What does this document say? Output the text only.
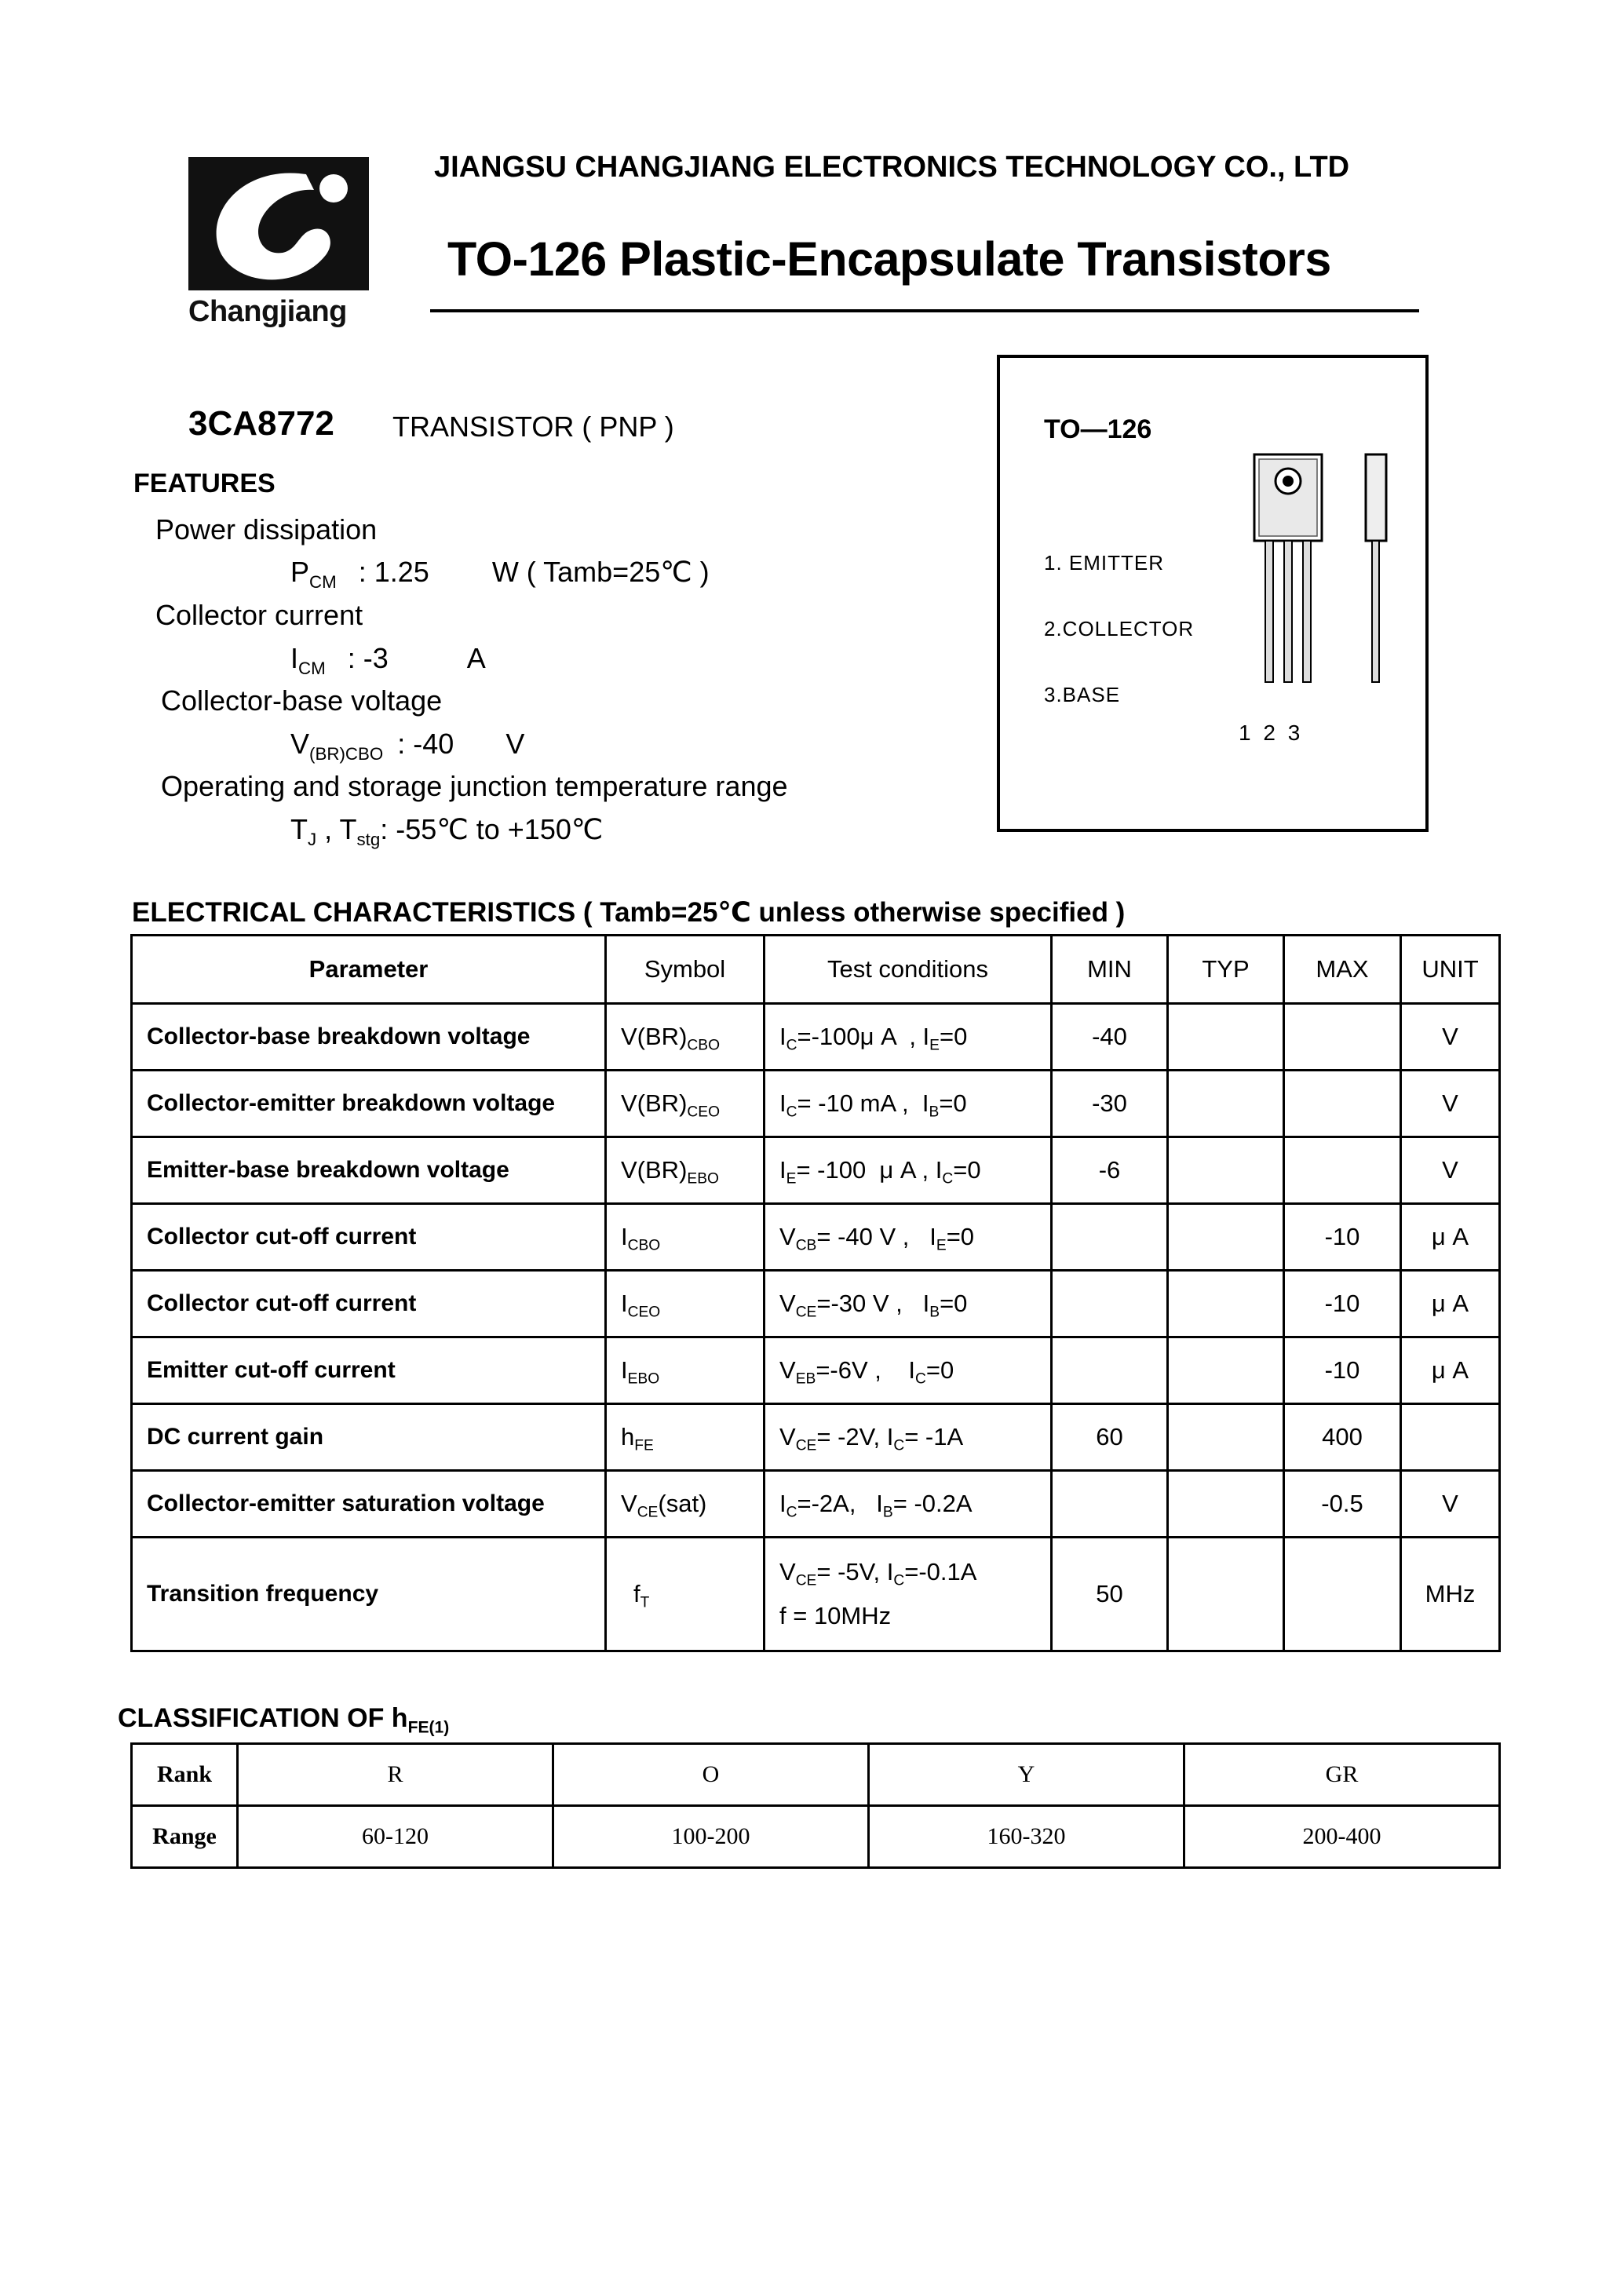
Changjiang
JIANGSU CHANGJIANG ELECTRONICS TECHNOLOGY CO., LTD
TO-126 Plastic-Encapsulate Transistors
3CA8772 TRANSISTOR ( PNP )
FEATURES
Power dissipation
$P_{CM}$ : 1.25 W ( Tamb=25℃ )
Collector current
$I_{CM}$ : -3	A
Collector-base voltage
$V_{(BR)CBO}$ : -40 V
Operating and storage junction temperature range
$T_J$ , $T_{stg}$: -55℃ to +150℃
TO—126
1. EMITTER
2.COLLECTOR
3.BASE
1 2 3
ELECTRICAL CHARACTERISTICS ( Tamb=25℃ unless otherwise specified )
Parameter	Symbol	Test conditions	MIN	TYP	MAX	UNIT
Collector-base breakdown voltage	$V(BR)_{CBO}$	$I_C=-100\mu$ A  , $I_E=0$	-40			V
Collector-emitter breakdown voltage	$V(BR)_{CEO}$	$I_C= -10$ mA ,  $I_B=0$	-30			V
Emitter-base breakdown voltage	$V(BR)_{EBO}$	$I_E= -100$  μ A , $I_C=0$	-6			V
Collector cut-off current	$I_{CBO}$	$V_{CB}= -40$ V ,   $I_E=0$			-10	μ A
Collector cut-off current	$I_{CEO}$	$V_{CE}=-30$ V ,   $I_B=0$			-10	μ A
Emitter cut-off current	$I_{EBO}$	$V_{EB}=-6V$ ,    $I_C=0$			-10	μ A
DC current gain	$h_{FE}$	$V_{CE}= -2V$, $I_C= -1A$	60		400	
Collector-emitter saturation voltage	$V_{CE}(sat)$	$I_C=-2A$,   $I_B= -0.2A$			-0.5	V
Transition frequency	$f_T$	$V_{CE}= -5V$, $I_C=-0.1A$
f = 10MHz	50			MHz
CLASSIFICATION OF $h_{FE(1)}$
Rank	R	O	Y	GR
Range	60-120	100-200	160-320	200-400
